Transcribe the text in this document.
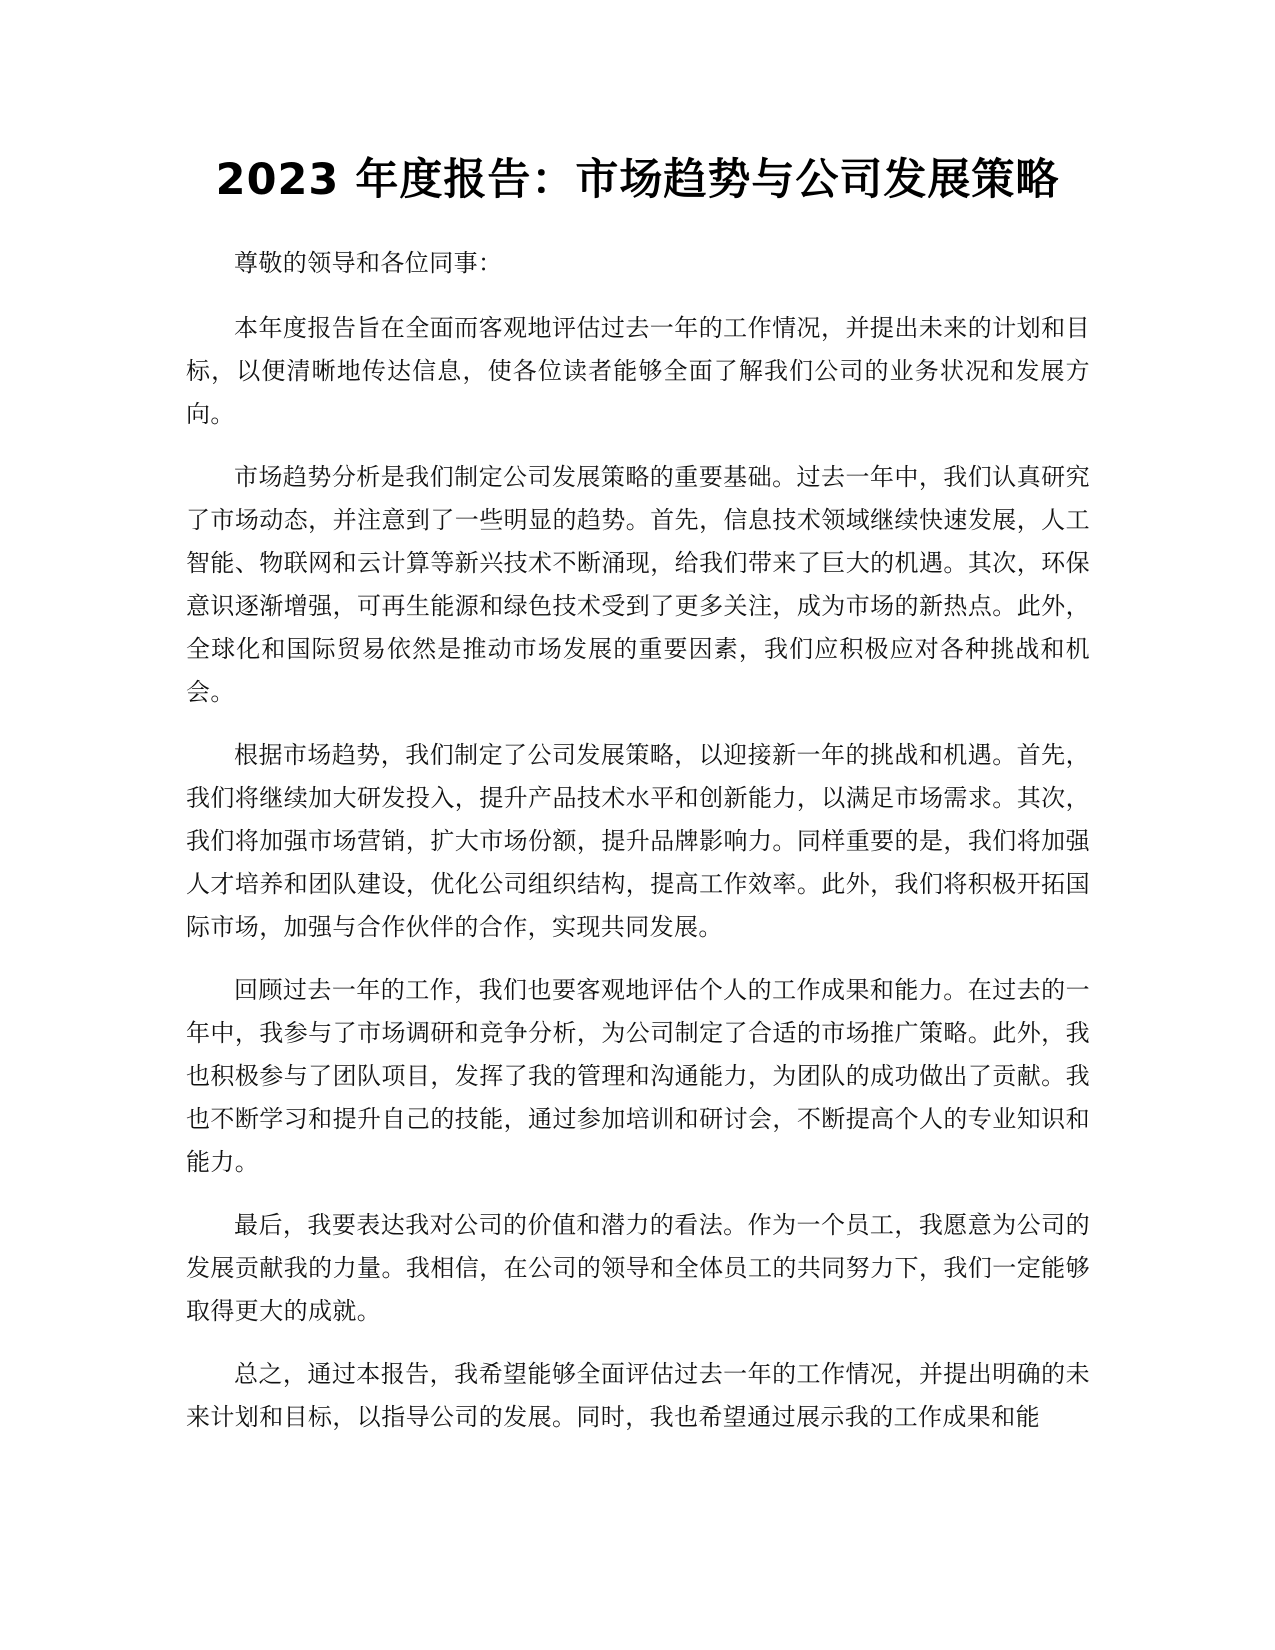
2023 年度报告：市场趋势与公司发展策略

尊敬的领导和各位同事：

本年度报告旨在全面而客观地评估过去一年的工作情况，并提出未来的计划和目标，以便清晰地传达信息，使各位读者能够全面了解我们公司的业务状况和发展方向。

市场趋势分析是我们制定公司发展策略的重要基础。过去一年中，我们认真研究了市场动态，并注意到了一些明显的趋势。首先，信息技术领域继续快速发展，人工智能、物联网和云计算等新兴技术不断涌现，给我们带来了巨大的机遇。其次，环保意识逐渐增强，可再生能源和绿色技术受到了更多关注，成为市场的新热点。此外，全球化和国际贸易依然是推动市场发展的重要因素，我们应积极应对各种挑战和机会。

根据市场趋势，我们制定了公司发展策略，以迎接新一年的挑战和机遇。首先，我们将继续加大研发投入，提升产品技术水平和创新能力，以满足市场需求。其次，我们将加强市场营销，扩大市场份额，提升品牌影响力。同样重要的是，我们将加强人才培养和团队建设，优化公司组织结构，提高工作效率。此外，我们将积极开拓国际市场，加强与合作伙伴的合作，实现共同发展。

回顾过去一年的工作，我们也要客观地评估个人的工作成果和能力。在过去的一年中，我参与了市场调研和竞争分析，为公司制定了合适的市场推广策略。此外，我也积极参与了团队项目，发挥了我的管理和沟通能力，为团队的成功做出了贡献。我也不断学习和提升自己的技能，通过参加培训和研讨会，不断提高个人的专业知识和能力。

最后，我要表达我对公司的价值和潜力的看法。作为一个员工，我愿意为公司的发展贡献我的力量。我相信，在公司的领导和全体员工的共同努力下，我们一定能够取得更大的成就。

总之，通过本报告，我希望能够全面评估过去一年的工作情况，并提出明确的未来计划和目标，以指导公司的发展。同时，我也希望通过展示我的工作成果和能
